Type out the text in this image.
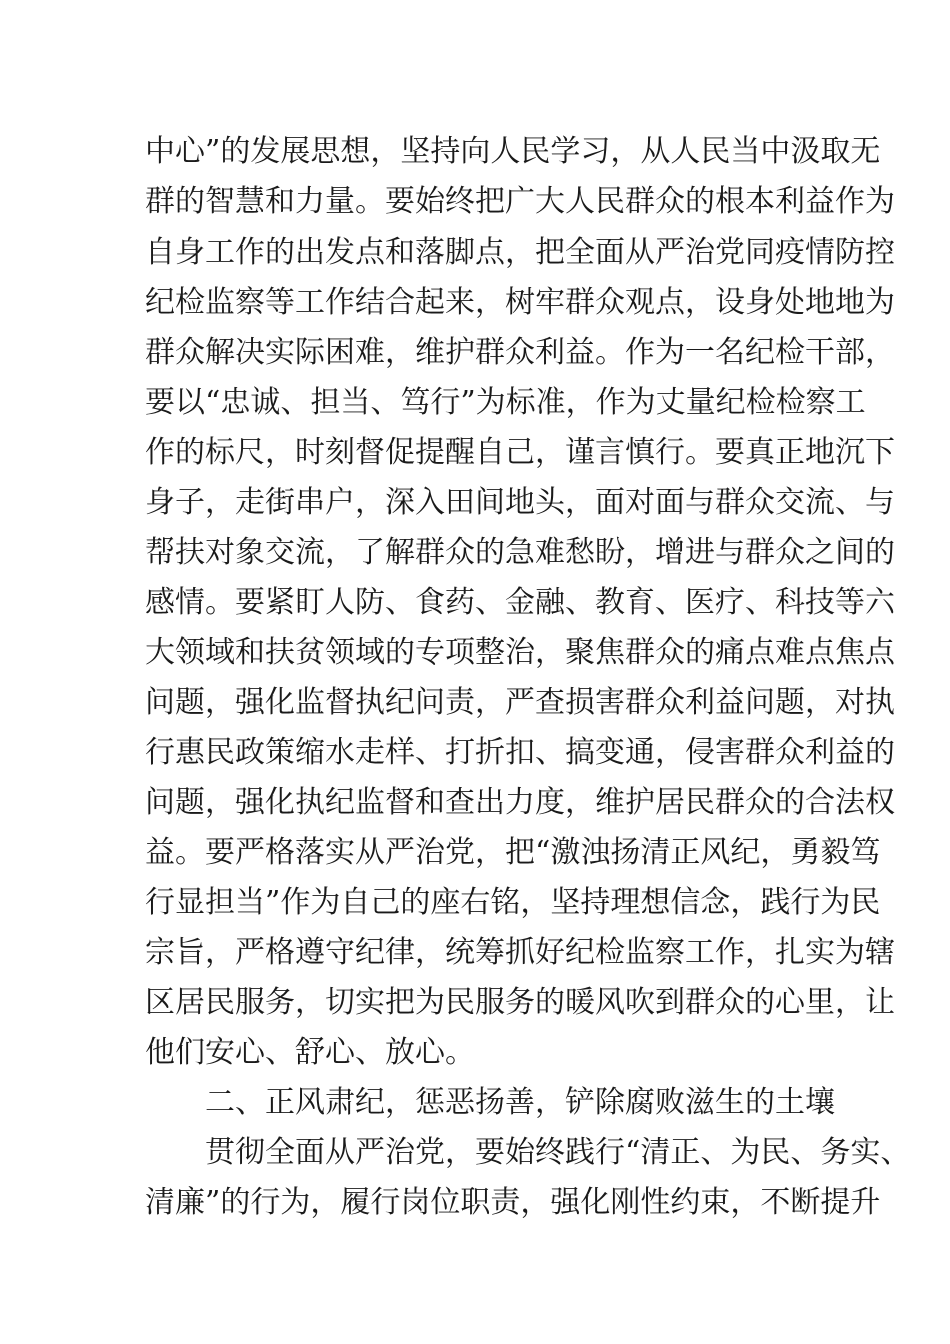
中心”的发展思想，坚持向人民学习，从人民当中汲取无
群的智慧和力量。要始终把广大人民群众的根本利益作为
自身工作的出发点和落脚点，把全面从严治党同疫情防控
纪检监察等工作结合起来，树牢群众观点，设身处地地为
群众解决实际困难，维护群众利益。作为一名纪检干部，
要以“忠诚、担当、笃行”为标准，作为丈量纪检检察工
作的标尺，时刻督促提醒自己，谨言慎行。要真正地沉下
身子，走街串户，深入田间地头，面对面与群众交流、与
帮扶对象交流，了解群众的急难愁盼，增进与群众之间的
感情。要紧盯人防、食药、金融、教育、医疗、科技等六
大领域和扶贫领域的专项整治，聚焦群众的痛点难点焦点
问题，强化监督执纪问责，严查损害群众利益问题，对执
行惠民政策缩水走样、打折扣、搞变通，侵害群众利益的
问题，强化执纪监督和查出力度，维护居民群众的合法权
益。要严格落实从严治党，把“激浊扬清正风纪，勇毅笃
行显担当”作为自己的座右铭，坚持理想信念，践行为民
宗旨，严格遵守纪律，统筹抓好纪检监察工作，扎实为辖
区居民服务，切实把为民服务的暖风吹到群众的心里，让
他们安心、舒心、放心。
二、正风肃纪，惩恶扬善，铲除腐败滋生的土壤
贯彻全面从严治党，要始终践行“清正、为民、务实、
清廉”的行为，履行岗位职责，强化刚性约束，不断提升
